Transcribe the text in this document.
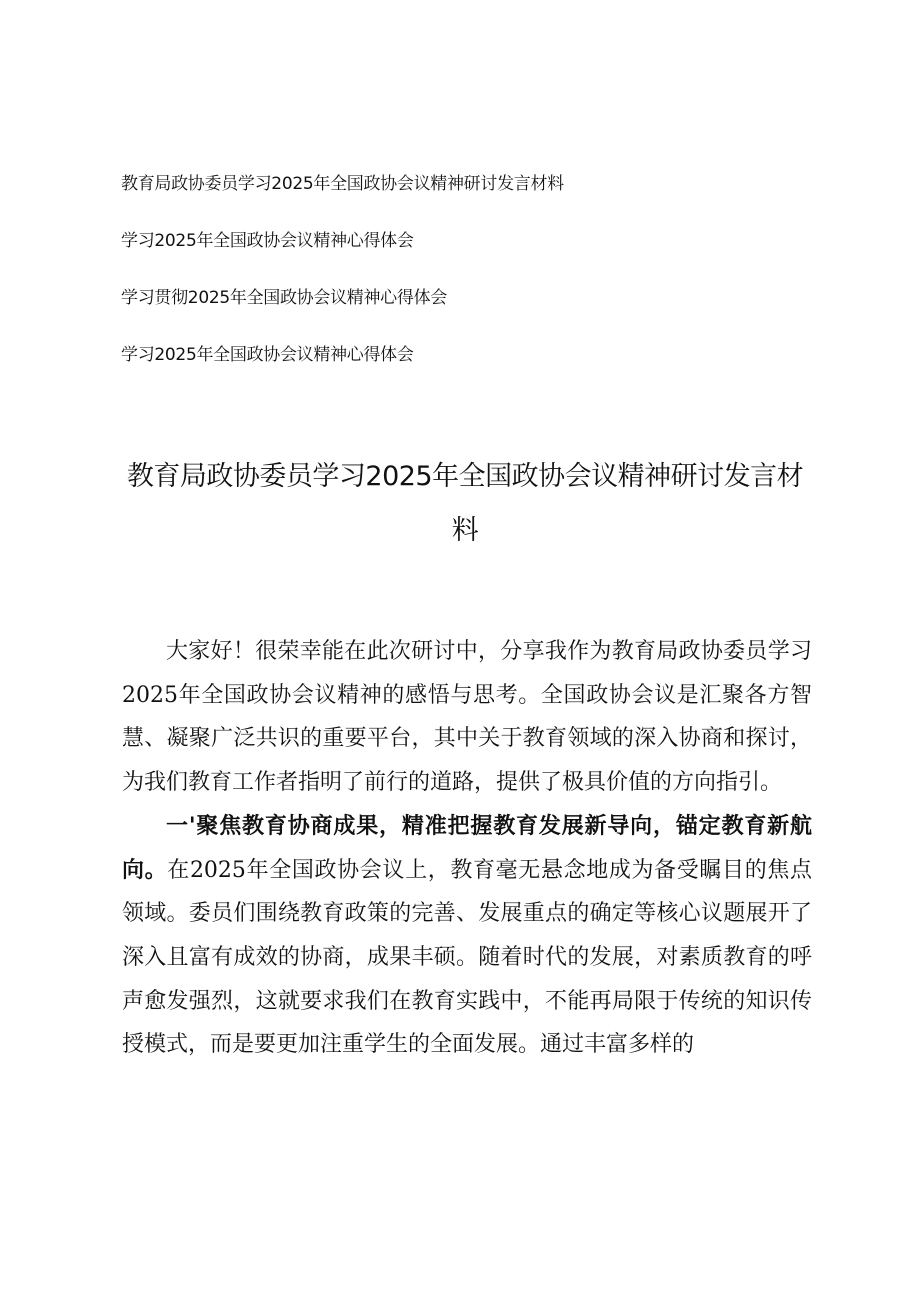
教育局政协委员学习2025年全国政协会议精神研讨发言材料
学习2025年全国政协会议精神心得体会
学习贯彻2025年全国政协会议精神心得体会
学习2025年全国政协会议精神心得体会
教育局政协委员学习2025年全国政协会议精神研讨发言材料

大家好！很荣幸能在此次研讨中，分享我作为教育局政协委员学习2025年全国政协会议精神的感悟与思考。全国政协会议是汇聚各方智慧、凝聚广泛共识的重要平台，其中关于教育领域的深入协商和探讨，为我们教育工作者指明了前行的道路，提供了极具价值的方向指引。

一'聚焦教育协商成果，精准把握教育发展新导向，锚定教育新航向。在2025年全国政协会议上，教育毫无悬念地成为备受瞩目的焦点领域。委员们围绕教育政策的完善、发展重点的确定等核心议题展开了深入且富有成效的协商，成果丰硕。随着时代的发展，对素质教育的呼声愈发强烈，这就要求我们在教育实践中，不能再局限于传统的知识传授模式，而是要更加注重学生的全面发展。通过丰富多样的
